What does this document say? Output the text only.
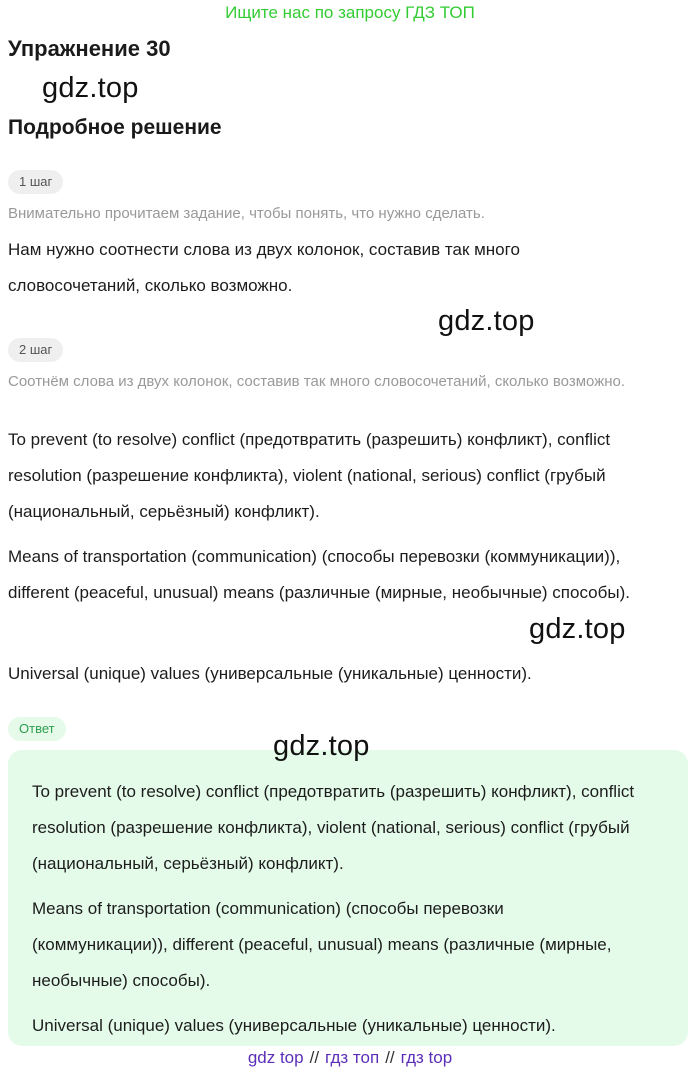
Ищите нас по запросу ГДЗ ТОП
Упражнение 30
gdz.top
Подробное решение
1 шаг
Внимательно прочитаем задание, чтобы понять, что нужно сделать.
Нам нужно соотнести слова из двух колонок, составив так много словосочетаний, сколько возможно.
gdz.top
2 шаг
Соотнём слова из двух колонок, составив так много словосочетаний, сколько возможно.
To prevent (to resolve) conflict (предотвратить (разрешить) конфликт), conflict resolution (разрешение конфликта), violent (national, serious) conflict (грубый (национальный, серьёзный) конфликт).
Means of transportation (communication) (способы перевозки (коммуникации)), different (peaceful, unusual) means (различные (мирные, необычные) способы).
gdz.top
Universal (unique) values (универсальные (уникальные) ценности).
Ответ
To prevent (to resolve) conflict (предотвратить (разрешить) конфликт), conflict resolution (разрешение конфликта), violent (national, serious) conflict (грубый (национальный, серьёзный) конфликт).
Means of transportation (communication) (способы перевозки (коммуникации)), different (peaceful, unusual) means (различные (мирные, необычные) способы).
Universal (unique) values (универсальные (уникальные) ценности).
gdz.top
gdz top // гдз топ // гдз top
